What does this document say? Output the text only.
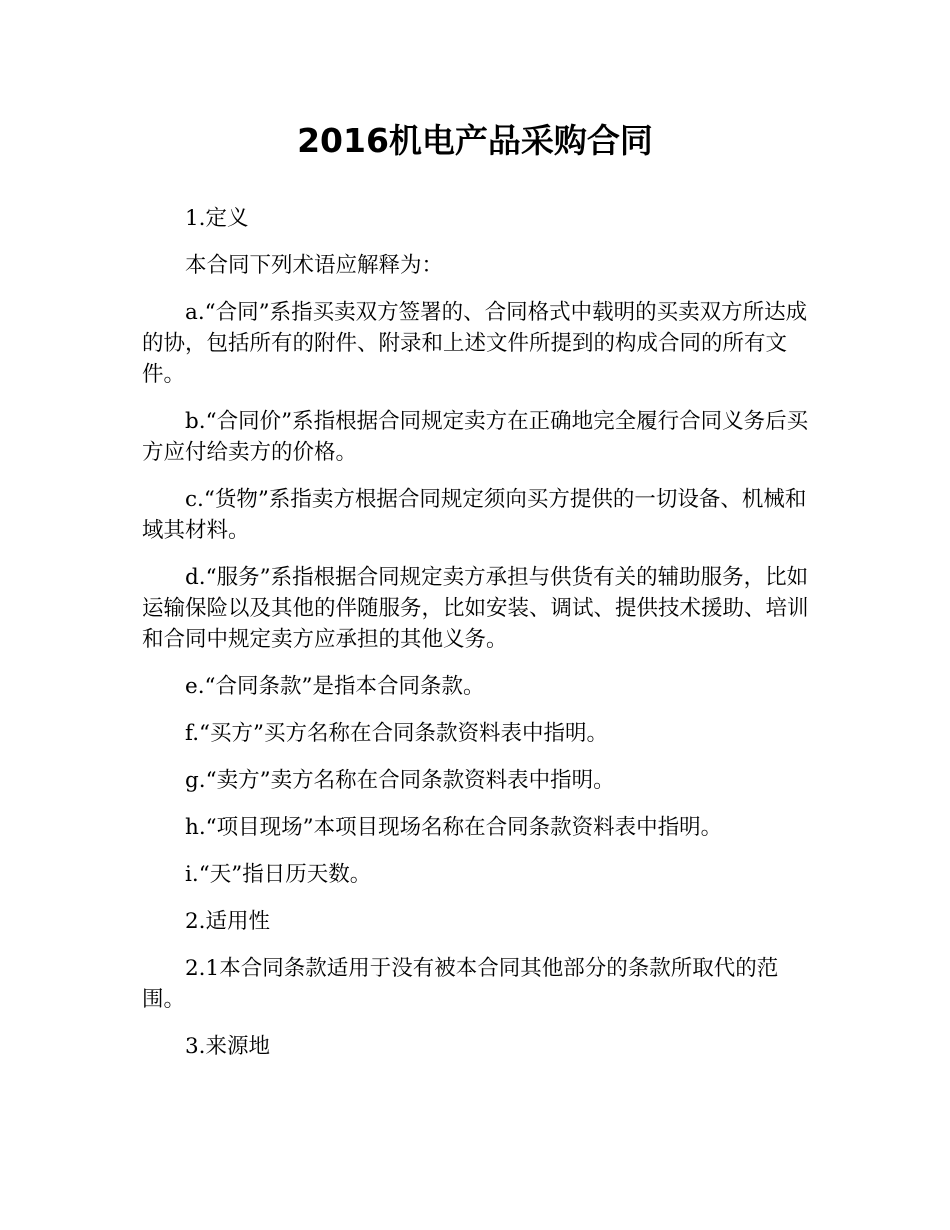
2016机电产品采购合同

1.定义

本合同下列术语应解释为：

a.“合同”系指买卖双方签署的、合同格式中载明的买卖双方所达成的协，包括所有的附件、附录和上述文件所提到的构成合同的所有文件。

b.“合同价”系指根据合同规定卖方在正确地完全履行合同义务后买方应付给卖方的价格。

c.“货物”系指卖方根据合同规定须向买方提供的一切设备、机械和域其材料。

d.“服务”系指根据合同规定卖方承担与供货有关的辅助服务，比如运输保险以及其他的伴随服务，比如安装、调试、提供技术援助、培训和合同中规定卖方应承担的其他义务。

e.“合同条款”是指本合同条款。

f.“买方”买方名称在合同条款资料表中指明。

g.“卖方”卖方名称在合同条款资料表中指明。

h.“项目现场”本项目现场名称在合同条款资料表中指明。

i.“天”指日历天数。

2.适用性

2.1本合同条款适用于没有被本合同其他部分的条款所取代的范围。

3.来源地
